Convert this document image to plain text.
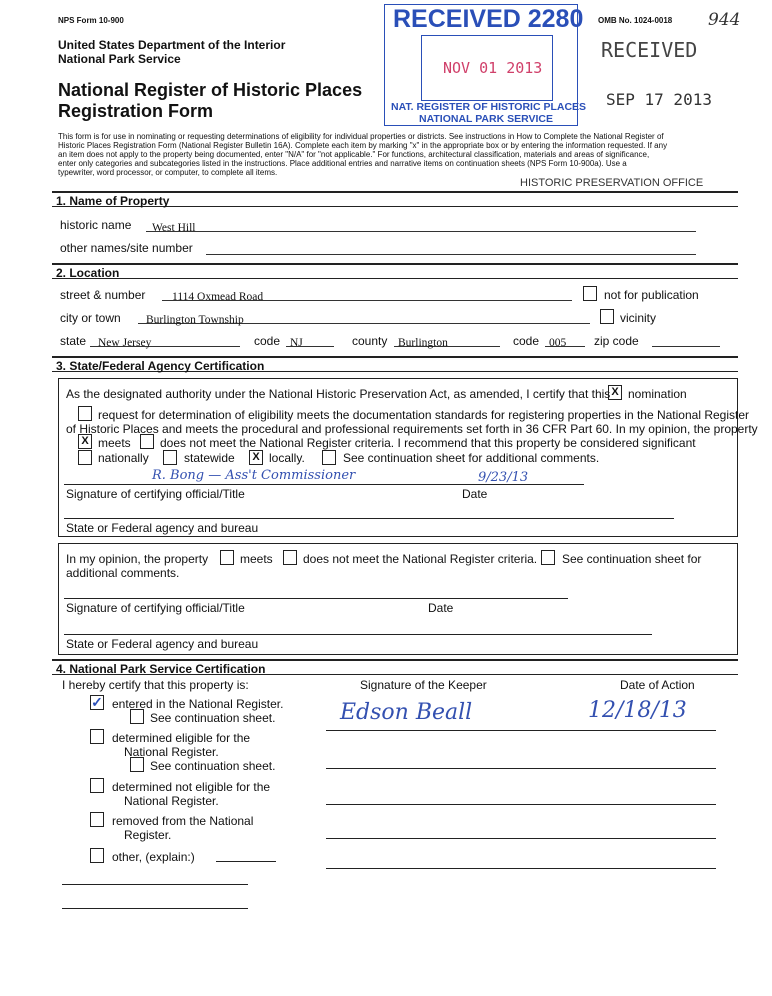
NPS Form 10-900	OMB No. 1024-0018 944
United States Department of the Interior
National Park Service
National Register of Historic Places
Registration Form
RECEIVED 2280
NOV 01 2013
NAT. REGISTER OF HISTORIC PLACES
NATIONAL PARK SERVICE
RECEIVED
SEP 17 2013
This form is for use in nominating or requesting determinations of eligibility for individual properties or districts. See instructions in How to Complete the National Register of
Historic Places Registration Form (National Register Bulletin 16A). Complete each item by marking "x" in the appropriate box or by entering the information requested. If any
an item does not apply to the property being documented, enter "N/A" for "not applicable." For functions, architectural classification, materials and areas of significance,
enter only categories and subcategories listed in the instructions. Place additional entries and narrative items on continuation sheets (NPS Form 10-900a). Use a
typewriter, word processor, or computer, to complete all items.
HISTORIC PRESERVATION OFFICE
1. Name of Property
historic name	West Hill
other names/site number
2. Location
street & number	1114 Oxmead Road	not for publication
city or town	Burlington Township	vicinity
state	New Jersey	code NJ	county Burlington	code 005	zip code
3. State/Federal Agency Certification
As the designated authority under the National Historic Preservation Act, as amended, I certify that this X nomination
request for determination of eligibility meets the documentation standards for registering properties in the National Register
of Historic Places and meets the procedural and professional requirements set forth in 36 CFR Part 60. In my opinion, the property
X meets does not meet the National Register criteria. I recommend that this property be considered significant
nationally	statewide	X locally.	See continuation sheet for additional comments.
R. Bong — Ass't Commissioner	9/23/13
Signature of certifying official/Title	Date
State or Federal agency and bureau
In my opinion, the property	meets	does not meet the National Register criteria. See continuation sheet for
additional comments.
Signature of certifying official/Title	Date
State or Federal agency and bureau
4. National Park Service Certification
I hereby certify that this property is:	Signature of the Keeper	Date of Action
Edson Beall	12/18/13
✓ entered in the National Register.
See continuation sheet.
determined eligible for the
National Register.
See continuation sheet.
determined not eligible for the
National Register.
removed from the National
Register.
other, (explain:)
